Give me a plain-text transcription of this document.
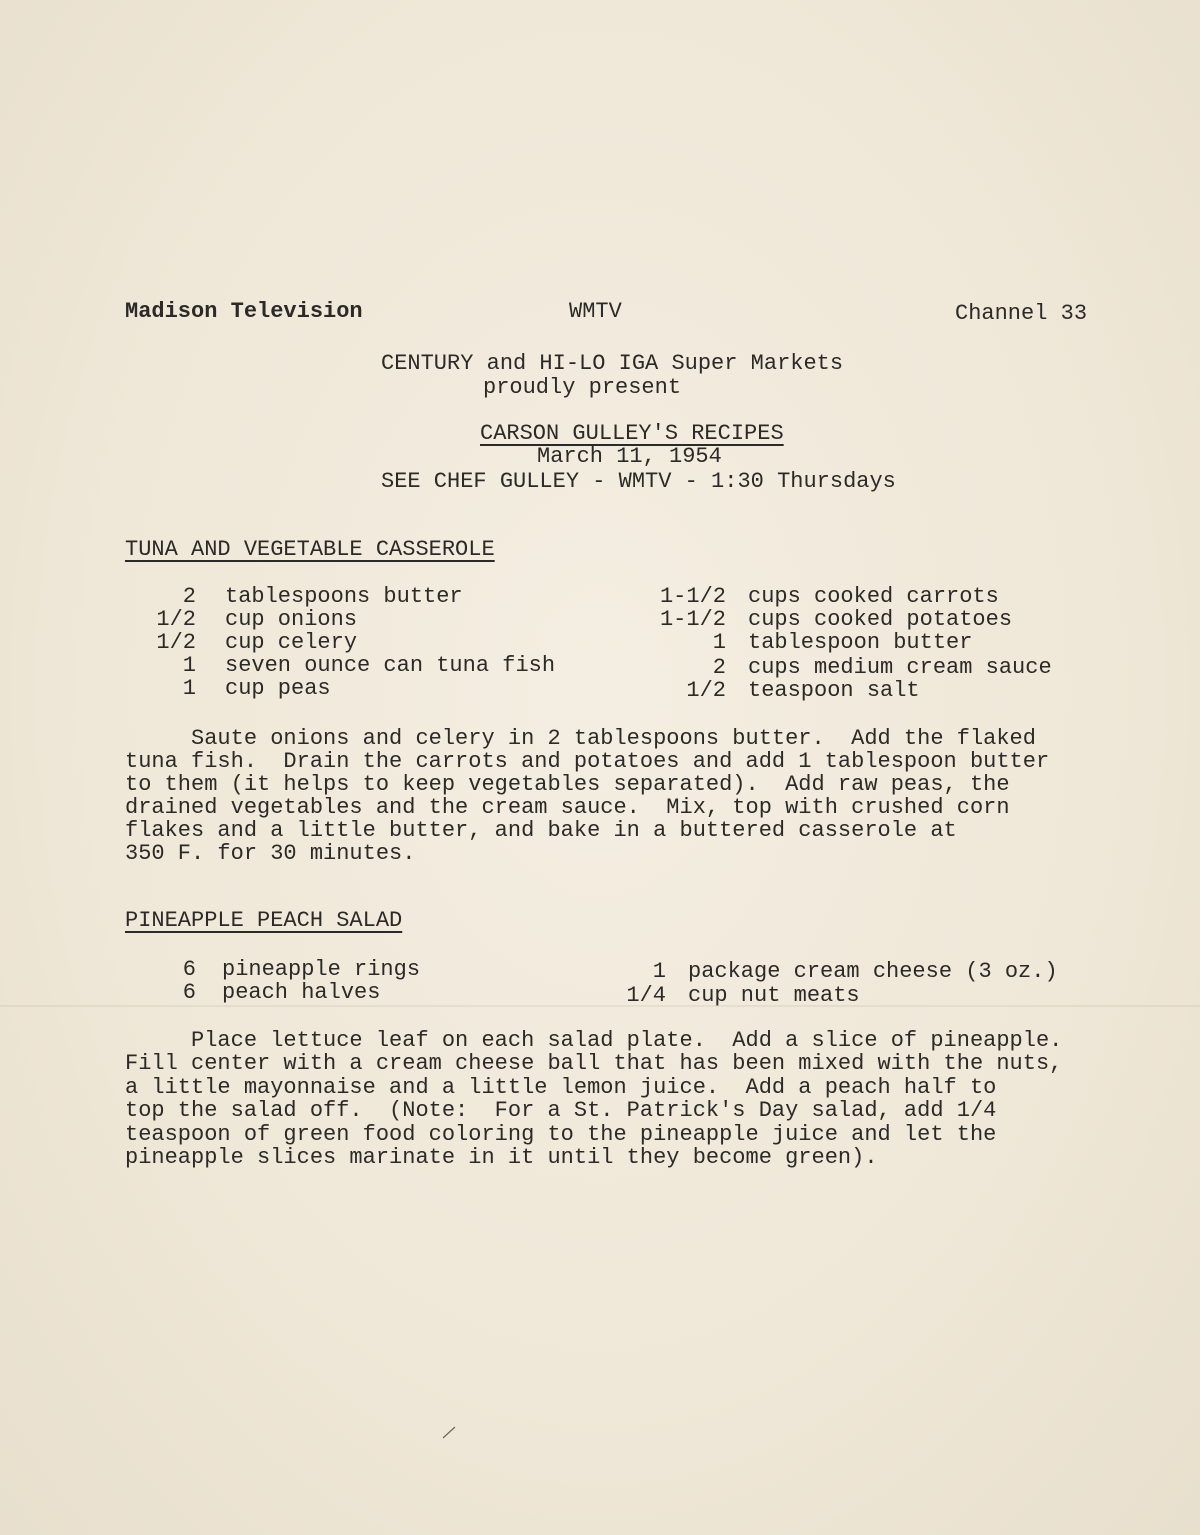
Madison Television	WMTV	Channel 33
CENTURY and HI-LO IGA Super Markets
proudly present
CARSON GULLEY'S RECIPES
March 11, 1954
SEE CHEF GULLEY - WMTV - 1:30 Thursdays
TUNA AND VEGETABLE CASSEROLE
2 tablespoons butter
1/2 cup onions
1/2 cup celery
1 seven ounce can tuna fish
1 cup peas
1-1/2 cups cooked carrots
1-1/2 cups cooked potatoes
1 tablespoon butter
2 cups medium cream sauce
1/2 teaspoon salt
Saute onions and celery in 2 tablespoons butter.  Add the flaked
tuna fish.  Drain the carrots and potatoes and add 1 tablespoon butter
to them (it helps to keep vegetables separated).  Add raw peas, the
drained vegetables and the cream sauce.  Mix, top with crushed corn
flakes and a little butter, and bake in a buttered casserole at
350 F. for 30 minutes.
PINEAPPLE PEACH SALAD
6 pineapple rings
6 peach halves
1 package cream cheese (3 oz.)
1/4 cup nut meats
Place lettuce leaf on each salad plate.  Add a slice of pineapple.
Fill center with a cream cheese ball that has been mixed with the nuts,
a little mayonnaise and a little lemon juice.  Add a peach half to
top the salad off.  (Note:  For a St. Patrick's Day salad, add 1/4
teaspoon of green food coloring to the pineapple juice and let the
pineapple slices marinate in it until they become green).
